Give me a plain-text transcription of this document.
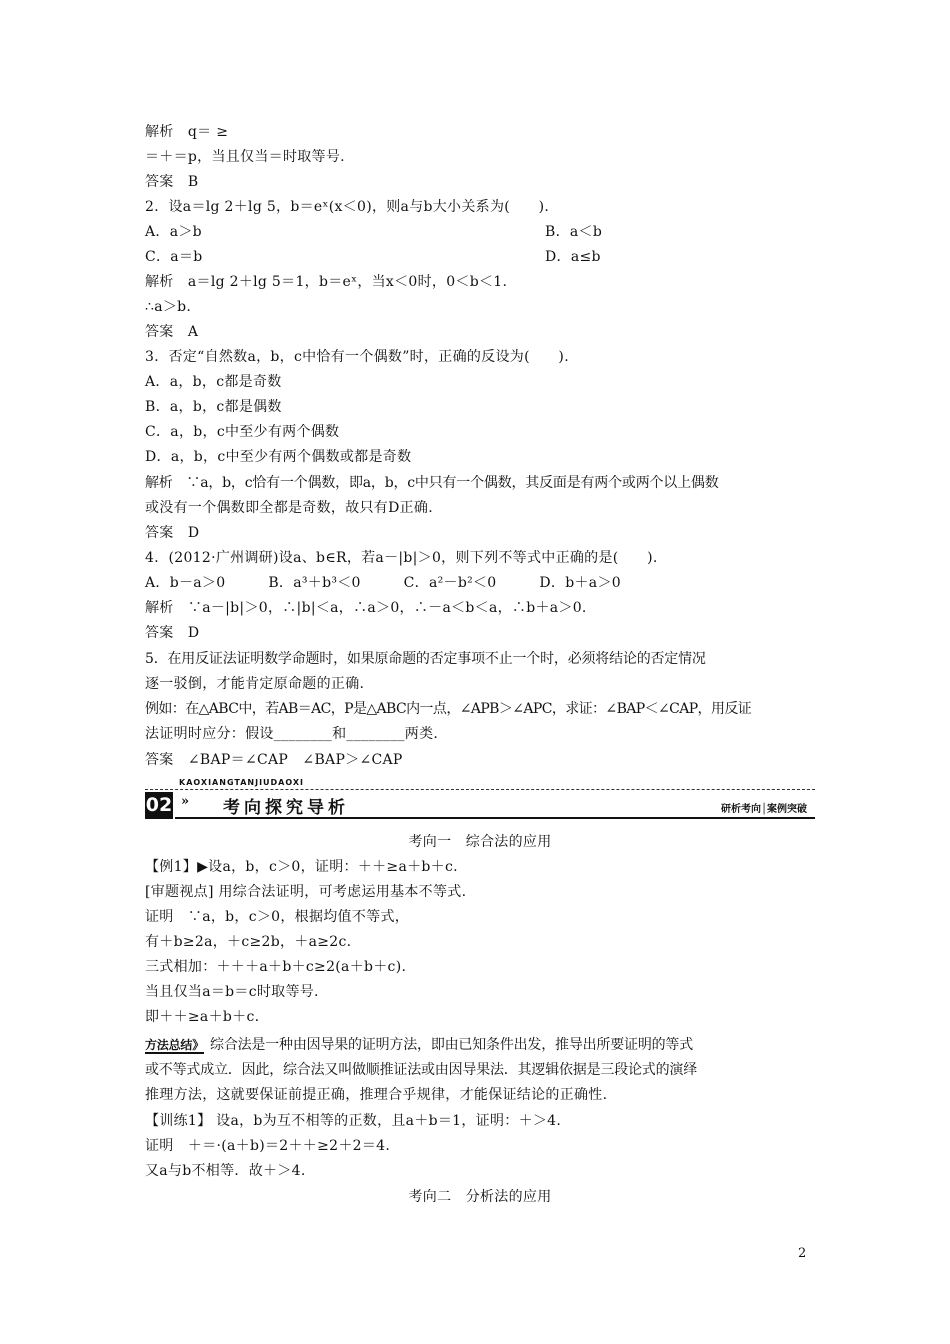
解析　q＝ ≥
＝＋＝p，当且仅当＝时取等号.
答案　B
2．设a＝lg 2＋lg 5，b＝eˣ(x＜0)，则a与b大小关系为(　　).
A．a＞b	B．a＜b
C．a＝b	D．a≤b
解析　a＝lg 2＋lg 5＝1，b＝eˣ，当x＜0时，0＜b＜1.
∴a＞b.
答案　A
3．否定“自然数a，b，c中恰有一个偶数”时，正确的反设为(　　).
A．a，b，c都是奇数
B．a，b，c都是偶数
C．a，b，c中至少有两个偶数
D．a，b，c中至少有两个偶数或都是奇数
解析　∵a，b，c恰有一个偶数，即a，b，c中只有一个偶数，其反面是有两个或两个以上偶数
或没有一个偶数即全都是奇数，故只有D正确.
答案　D
4．(2012·广州调研)设a、b∈R，若a－|b|＞0，则下列不等式中正确的是(　　).
A．b－a＞0　　　B．a³＋b³＜0　　　C．a²－b²＜0　　　D．b＋a＞0
解析　∵a－|b|＞0，∴|b|＜a，∴a＞0，∴－a＜b＜a，∴b＋a＞0.
答案　D
5．在用反证法证明数学命题时，如果原命题的否定事项不止一个时，必须将结论的否定情况
逐一驳倒，才能肯定原命题的正确.
例如：在△ABC中，若AB＝AC，P是△ABC内一点，∠APB＞∠APC，求证：∠BAP＜∠CAP，用反证
法证明时应分：假设________和________两类.
答案　∠BAP＝∠CAP　∠BAP＞∠CAP
02
KAOXIANGTANJIUDAOXI
» 考向探究导析	研析考向│案例突破
考向一　综合法的应用
【例1】▶设a，b，c＞0，证明：＋＋≥a＋b＋c.
[审题视点] 用综合法证明，可考虑运用基本不等式.
证明　∵a，b，c＞0，根据均值不等式，
有＋b≥2a，＋c≥2b，＋a≥2c.
三式相加：＋＋＋a＋b＋c≥2(a＋b＋c).
当且仅当a＝b＝c时取等号.
即＋＋≥a＋b＋c.
方法总结》 综合法是一种由因导果的证明方法，即由已知条件出发，推导出所要证明的等式
或不等式成立．因此，综合法又叫做顺推证法或由因导果法．其逻辑依据是三段论式的演绎
推理方法，这就要保证前提正确，推理合乎规律，才能保证结论的正确性.
【训练1】 设a，b为互不相等的正数，且a＋b＝1，证明：＋＞4.
证明　＋＝·(a＋b)＝2＋＋≥2＋2＝4.
又a与b不相等．故＋＞4.
考向二　分析法的应用
2
